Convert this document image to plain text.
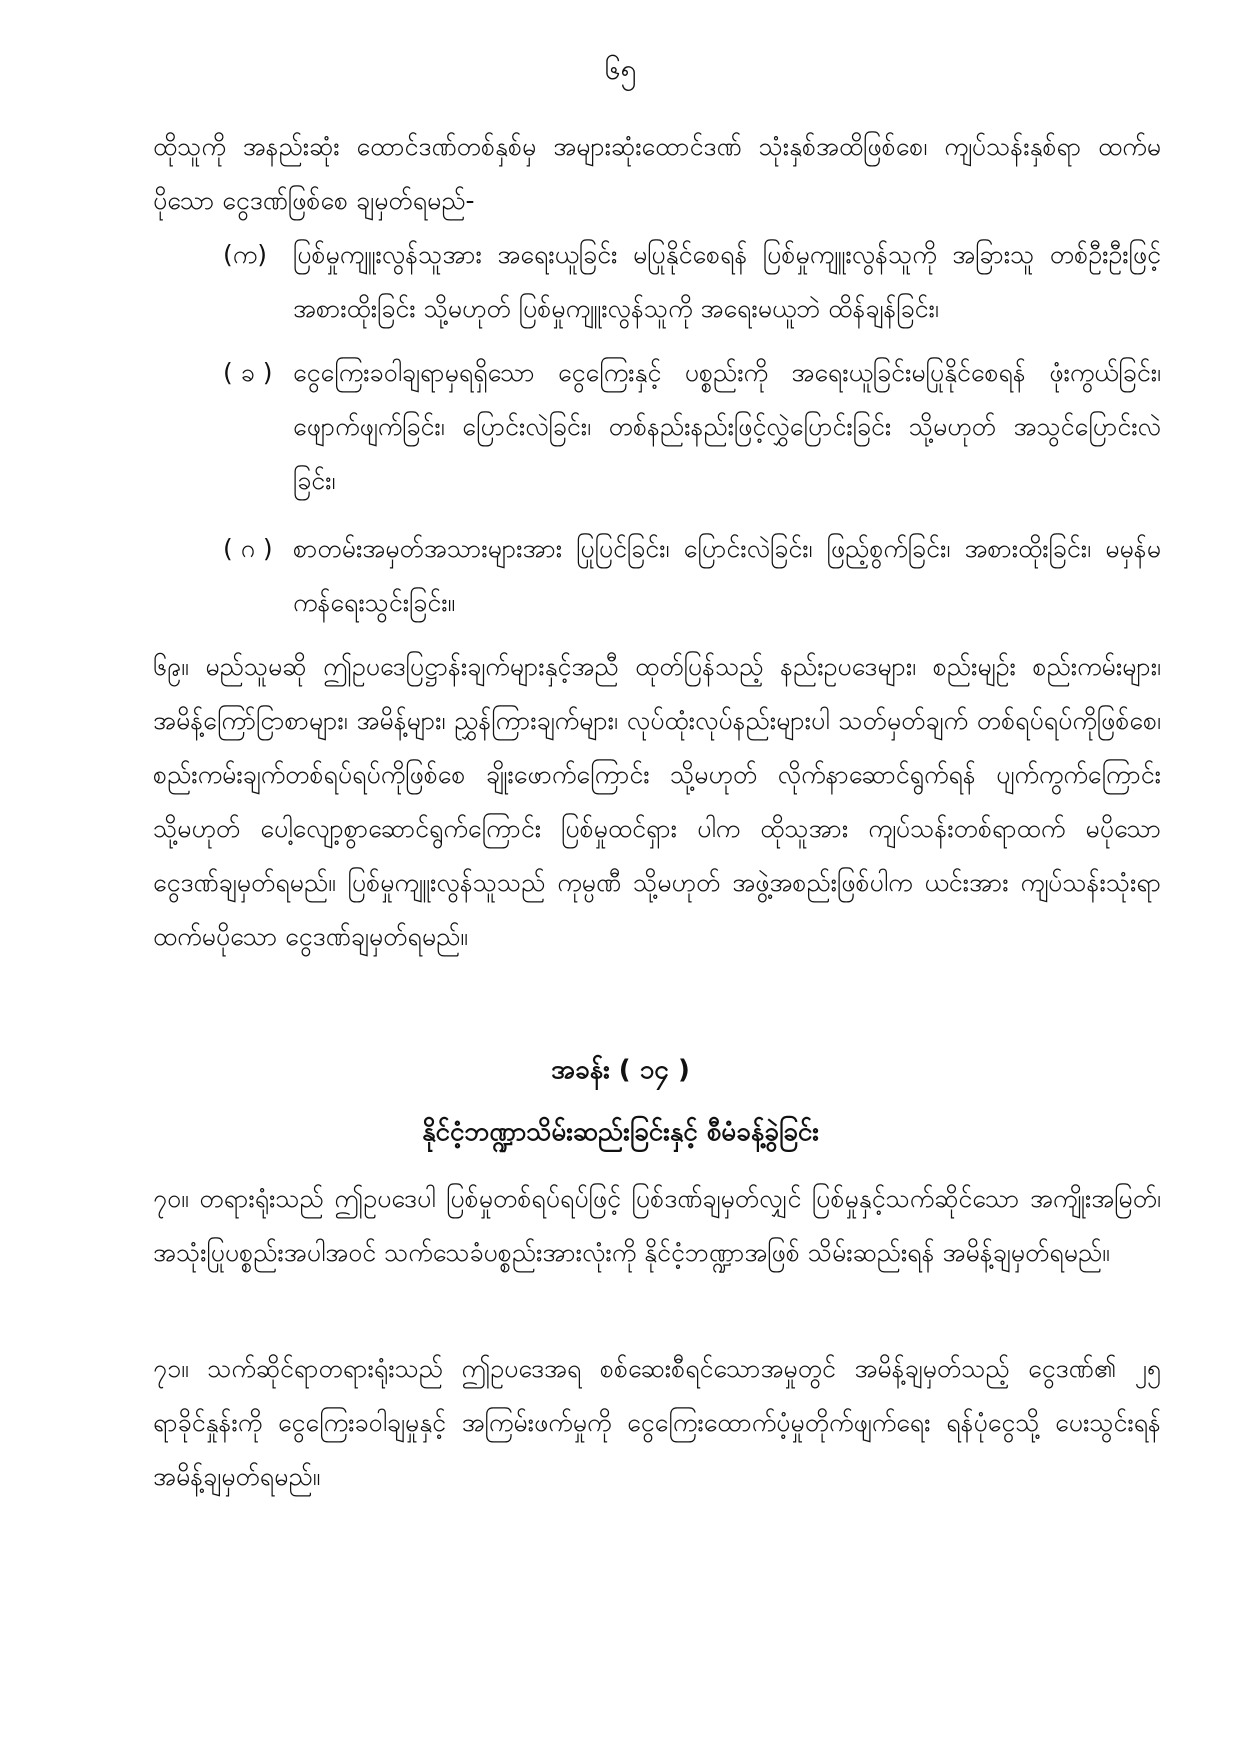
၆၅

ထိုသူကို အနည်းဆုံး ထောင်ဒဏ်တစ်နှစ်မှ အများဆုံးထောင်ဒဏ် သုံးနှစ်အထိဖြစ်စေ၊ ကျပ်သန်းနှစ်ရာ ထက်မပိုသော ငွေဒဏ်ဖြစ်စေ ချမှတ်ရမည်-

(က)	ပြစ်မှုကျူးလွန်သူအား အရေးယူခြင်း မပြုနိုင်စေရန် ပြစ်မှုကျူးလွန်သူကို အခြားသူ တစ်ဦးဦးဖြင့် အစားထိုးခြင်း သို့မဟုတ် ပြစ်မှုကျူးလွန်သူကို အရေးမယူဘဲ ထိန်ချန်ခြင်း၊
( ခ ) ငွေကြေးခဝါချရာမှရရှိသော ငွေကြေးနှင့် ပစ္စည်းကို အရေးယူခြင်းမပြုနိုင်စေရန် ဖုံးကွယ်ခြင်း၊ ဖျောက်ဖျက်ခြင်း၊ ပြောင်းလဲခြင်း၊ တစ်နည်းနည်းဖြင့်လွှဲပြောင်းခြင်း သို့မဟုတ် အသွင်ပြောင်းလဲခြင်း၊
( ဂ ) စာတမ်းအမှတ်အသားများအား ပြုပြင်ခြင်း၊ ပြောင်းလဲခြင်း၊ ဖြည့်စွက်ခြင်း၊ အစားထိုးခြင်း၊ မမှန်မကန်ရေးသွင်းခြင်း။

၆၉။ မည်သူမဆို ဤဥပဒေပြဋ္ဌာန်းချက်များနှင့်အညီ ထုတ်ပြန်သည့် နည်းဥပဒေများ၊ စည်းမျဉ်း စည်းကမ်းများ၊ အမိန့်ကြော်ငြာစာများ၊ အမိန့်များ၊ ညွှန်ကြားချက်များ၊ လုပ်ထုံးလုပ်နည်းများပါ သတ်မှတ်ချက် တစ်ရပ်ရပ်ကိုဖြစ်စေ၊ စည်းကမ်းချက်တစ်ရပ်ရပ်ကိုဖြစ်စေ ချိုးဖောက်ကြောင်း သို့မဟုတ် လိုက်နာဆောင်ရွက်ရန် ပျက်ကွက်ကြောင်း သို့မဟုတ် ပေါ့လျော့စွာဆောင်ရွက်ကြောင်း ပြစ်မှုထင်ရှား ပါက ထိုသူအား ကျပ်သန်းတစ်ရာထက် မပိုသော ငွေဒဏ်ချမှတ်ရမည်။ ပြစ်မှုကျူးလွန်သူသည် ကုမ္ပဏီ သို့မဟုတ် အဖွဲ့အစည်းဖြစ်ပါက ယင်းအား ကျပ်သန်းသုံးရာ ထက်မပိုသော ငွေဒဏ်ချမှတ်ရမည်။

အခန်း ( ၁၄ )
နိုင်ငံ့ဘဏ္ဍာသိမ်းဆည်းခြင်းနှင့် စီမံခန့်ခွဲခြင်း

၇၀။ တရားရုံးသည် ဤဥပဒေပါ ပြစ်မှုတစ်ရပ်ရပ်ဖြင့် ပြစ်ဒဏ်ချမှတ်လျှင် ပြစ်မှုနှင့်သက်ဆိုင်သော အကျိုးအမြတ်၊ အသုံးပြုပစ္စည်းအပါအဝင် သက်သေခံပစ္စည်းအားလုံးကို နိုင်ငံ့ဘဏ္ဍာအဖြစ် သိမ်းဆည်းရန် အမိန့်ချမှတ်ရမည်။

၇၁။ သက်ဆိုင်ရာတရားရုံးသည် ဤဥပဒေအရ စစ်ဆေးစီရင်သောအမှုတွင် အမိန့်ချမှတ်သည့် ငွေဒဏ်၏ ၂၅ ရာခိုင်နှုန်းကို ငွေကြေးခဝါချမှုနှင့် အကြမ်းဖက်မှုကို ငွေကြေးထောက်ပံ့မှုတိုက်ဖျက်ရေး ရန်ပုံငွေသို့ ပေးသွင်းရန် အမိန့်ချမှတ်ရမည်။
